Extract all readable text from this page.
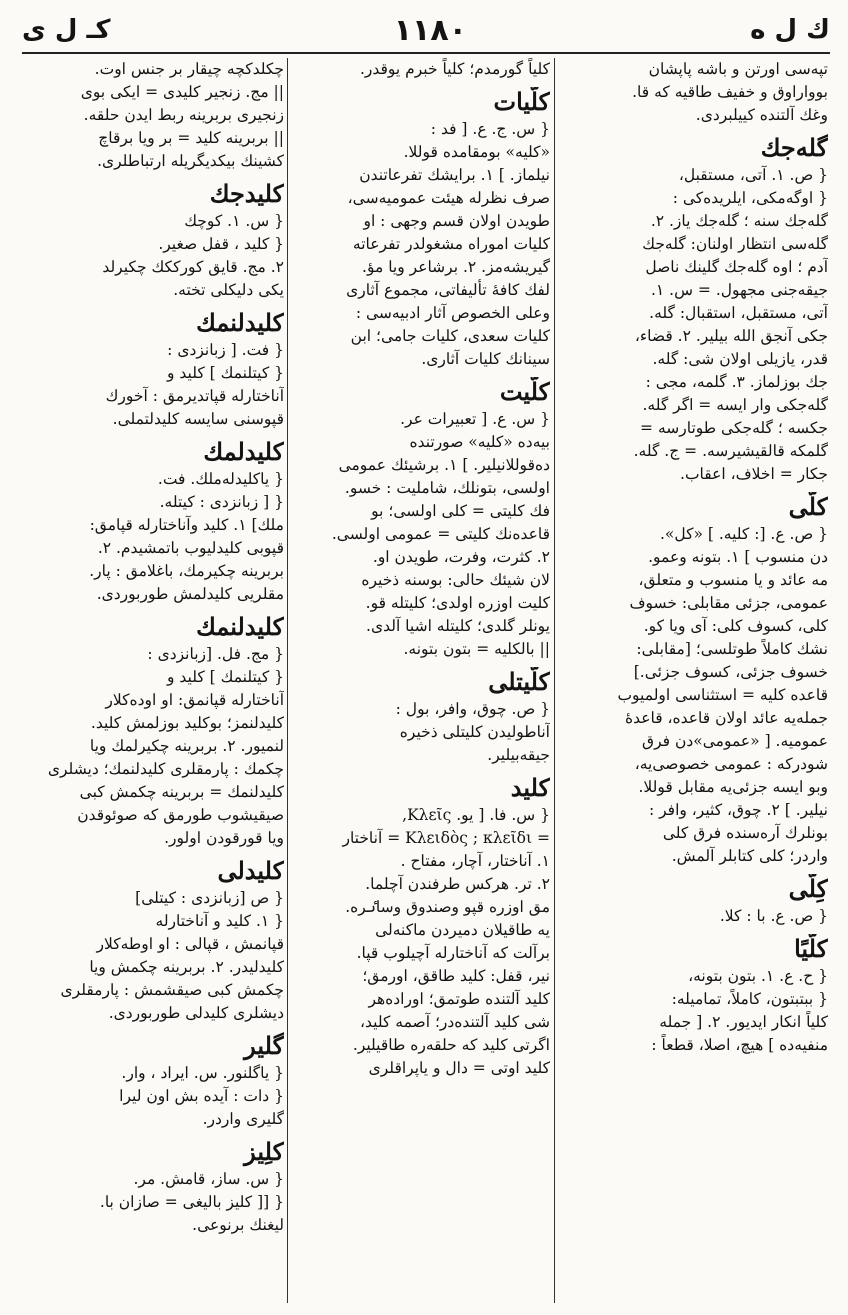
ك ل ه
١١٨٠
كـ ل ى
تپه‌سی اورتن و باشه پاپشان
بوواراوق و خفیف طاقیه كه قا.
وغك آلتنده كیيلبردی.
گله‌جك
{ ص. ۱. آتی، مستقبل،
{ اوگه‌مكی، ايلريده‌كی :
گله‌جك سنه ؛ گله‌جك ياز. ۲.
گله‌سی انتظار اولنان: گله‌جك
آدم ؛ اوه گله‌جك گلينك ناصل
جيقه‌جنی مجهول. = س. ۱.
آتی، مستقبل، استقبال: گله.
جكی آنجق الله بيلير. ۲. قضاء،
قدر، يازيلی اولان شی: گله.
جك بوزلماز. ۳. گلمه، مجی :
گله‌جكی وار ايسه = اگر گله.
جكسه ؛ گله‌جكی طوتارسه =
گلمكه قالقيشيرسه. = ج. گله.
جكار = اخلاف، اعقاب.
كلّی
{ ص. ع. [: كليه. ] «كل».
دن منسوب ] ۱. بتونه وعمو.
مه عائد و يا منسوب و متعلق،
عمومی، جزئی مقابلی: خسوف
كلی، كسوف كلی: آی ويا كو.
نشك كاملاً طوتلسی؛ [مقابلی:
خسوف جزئی، كسوف جزئی.]
قاعده كليه = استثناسی اولميوب
جمله‌يه عائد اولان قاعده، قاعدهٔ
عموميه. [ «عمومی»دن فرق
شودركه : عمومی خصوصی‌يه،
وبو ايسه جزئی‌يه مقابل قوللا.
نيلير. ] ۲. چوق، كثير، وافر :
بونلرك آره‌سنده فرق كلی
واردر؛ كلی كتابلر آلمش.
كِلّی
{ ص. ع. با : كلا.
كلّيًا
{ ح. ع. ۱. بتون بتونه،
{ ببتبتون، كاملاً، تماميله:
كلياً انكار ايديور. ۲. [ جمله
منفيه‌ده ] هيچ، اصلا، قطعاً :
كلياً گورمدم؛ كلياً خبرم يوقدر.
كلّيات
{ س. ج. ع. [ فد :
«كليه» بومقامده قوللا.
نيلماز. ] ۱. برايشك تفرعاتندن
صرف نظرله هيئت عموميه‌سی،
طويدن اولان قسم وجهی : او
كليات اموراه مشغولدر تفرعاته
گيريشه‌مز. ۲. برشاعر ويا مؤ.
لفك كافهٔ تأليفاتی، مجموع آثاری
وعلی الخصوص آثار ادبيه‌سی :
كليات سعدی، كليات جامی؛ ابن
سينانك كليات آثاری.
كلّيت
{ س. ع. [ تعبيرات عر.
بيه‌ده «كليه» صورتنده
ده‌قوللانيلير. ] ۱. برشيئك عمومی
اولسی، بتونلك، شامليت : خسو.
فك كليتی = كلی اولسی؛ بو
قاعده‌نك كليتی = عمومی اولسی.
۲. كثرت، وفرت، طويدن او.
لان شيئك حالی: بوسنه ذخيره
كليت اوزره اولدی؛ كليتله قو.
يونلر گلدی؛ كليتله اشيا آلدی.
|| بالكليه = بتون بتونه.
كلّيتلی
{ ص. چوق، وافر، بول :
آناطوليدن كليتلی ذخيره
جيقه‌بيلير.
كليد
{ س. فا. [ يو. Κλεῖς,
= Κλειδὸς ; κλεῖδι = آناختار
۱. آناختار، آچار، مفتاح .
۲. تر. هركس طرفندن آچلما.
مق اوزره قپو وصندوق وساٸره.
يه طاقيلان دميردن ماكنه‌لی
برآلت كه آناختارله آچيلوب قپا.
نير، قفل: كليد طاقق، اورمق؛
كليد آلتنده طوتمق؛ اوراده‌هر
شی كليد آلتنده‌در؛ آصمه كليد،
اگرتی كليد كه حلقه‌ره طاقيلير.
كليد اوتی = دال و ياپراقلری
چكلدكچه چيقار بر جنس اوت.
|| مج. زنجير كليدی = ايكی بوی
زنجيری بربرينه ربط ايدن حلقه.
|| بربرينه كليد = بر ويا برقاچ
كشينك بيكديگريله ارتباطلری.
كليدجك
{ س. ۱. كوچك
{ كليد ، قفل صغير.
۲. مج. قايق كورككك چكيرلد
يكی دليكلی تخته.
كليدلنمك
{ فت. [ زبانزدی :
{ كيتلنمك ] كليد و
آناختارله قپاتديرمق : آخورك
قپوسنی سايسه كليدلتملی.
كليدلمك
{ ياكليدله‌ملك. فت.
{ [ زبانزدی : كيتله.
ملك] ۱. كليد وآناختارله قپامق:
قپوبی كليدليوب باتمشيدم. ۲.
بربرينه چكيرمك، باغلامق : پار.
مقلريی كليدلمش طوربوردی.
كليدلنمك
{ مج. فل. [زبانزدی :
{ كيتلنمك ] كليد و
آناختارله قپانمق: او اوده‌كلار
كليدلنمز؛ بوكليد بوزلمش كليد.
لنميور. ۲. بربرينه چكيرلمك ويا
چكمك : پارمقلری كليدلنمك؛ ديشلری
كليدلنمك = بربرينه چكمش كبی
صيقيشوب طورمق كه صوئوقدن
ويا قورقودن اولور.
كليدلی
{ ص [زبانزدی : كيتلی]
{ ۱. كليد و آناختارله
قپانمش ، قپالی : او اوطه‌كلار
كليدليدر. ۲. بربرينه چكمش ويا
چكمش كبی صيقشمش : پارمقلری
ديشلری كليدلی طوربوردی.
گلير
{ ياگلنور. س. ايراد ، وار.
{ دات : آيده بش اون ليرا
گليری واردر.
كلِيز
{ س. ساز، قامش. مر.
{ [[ كليز باليغی = صازان با.
ليغنك برنوعی.
